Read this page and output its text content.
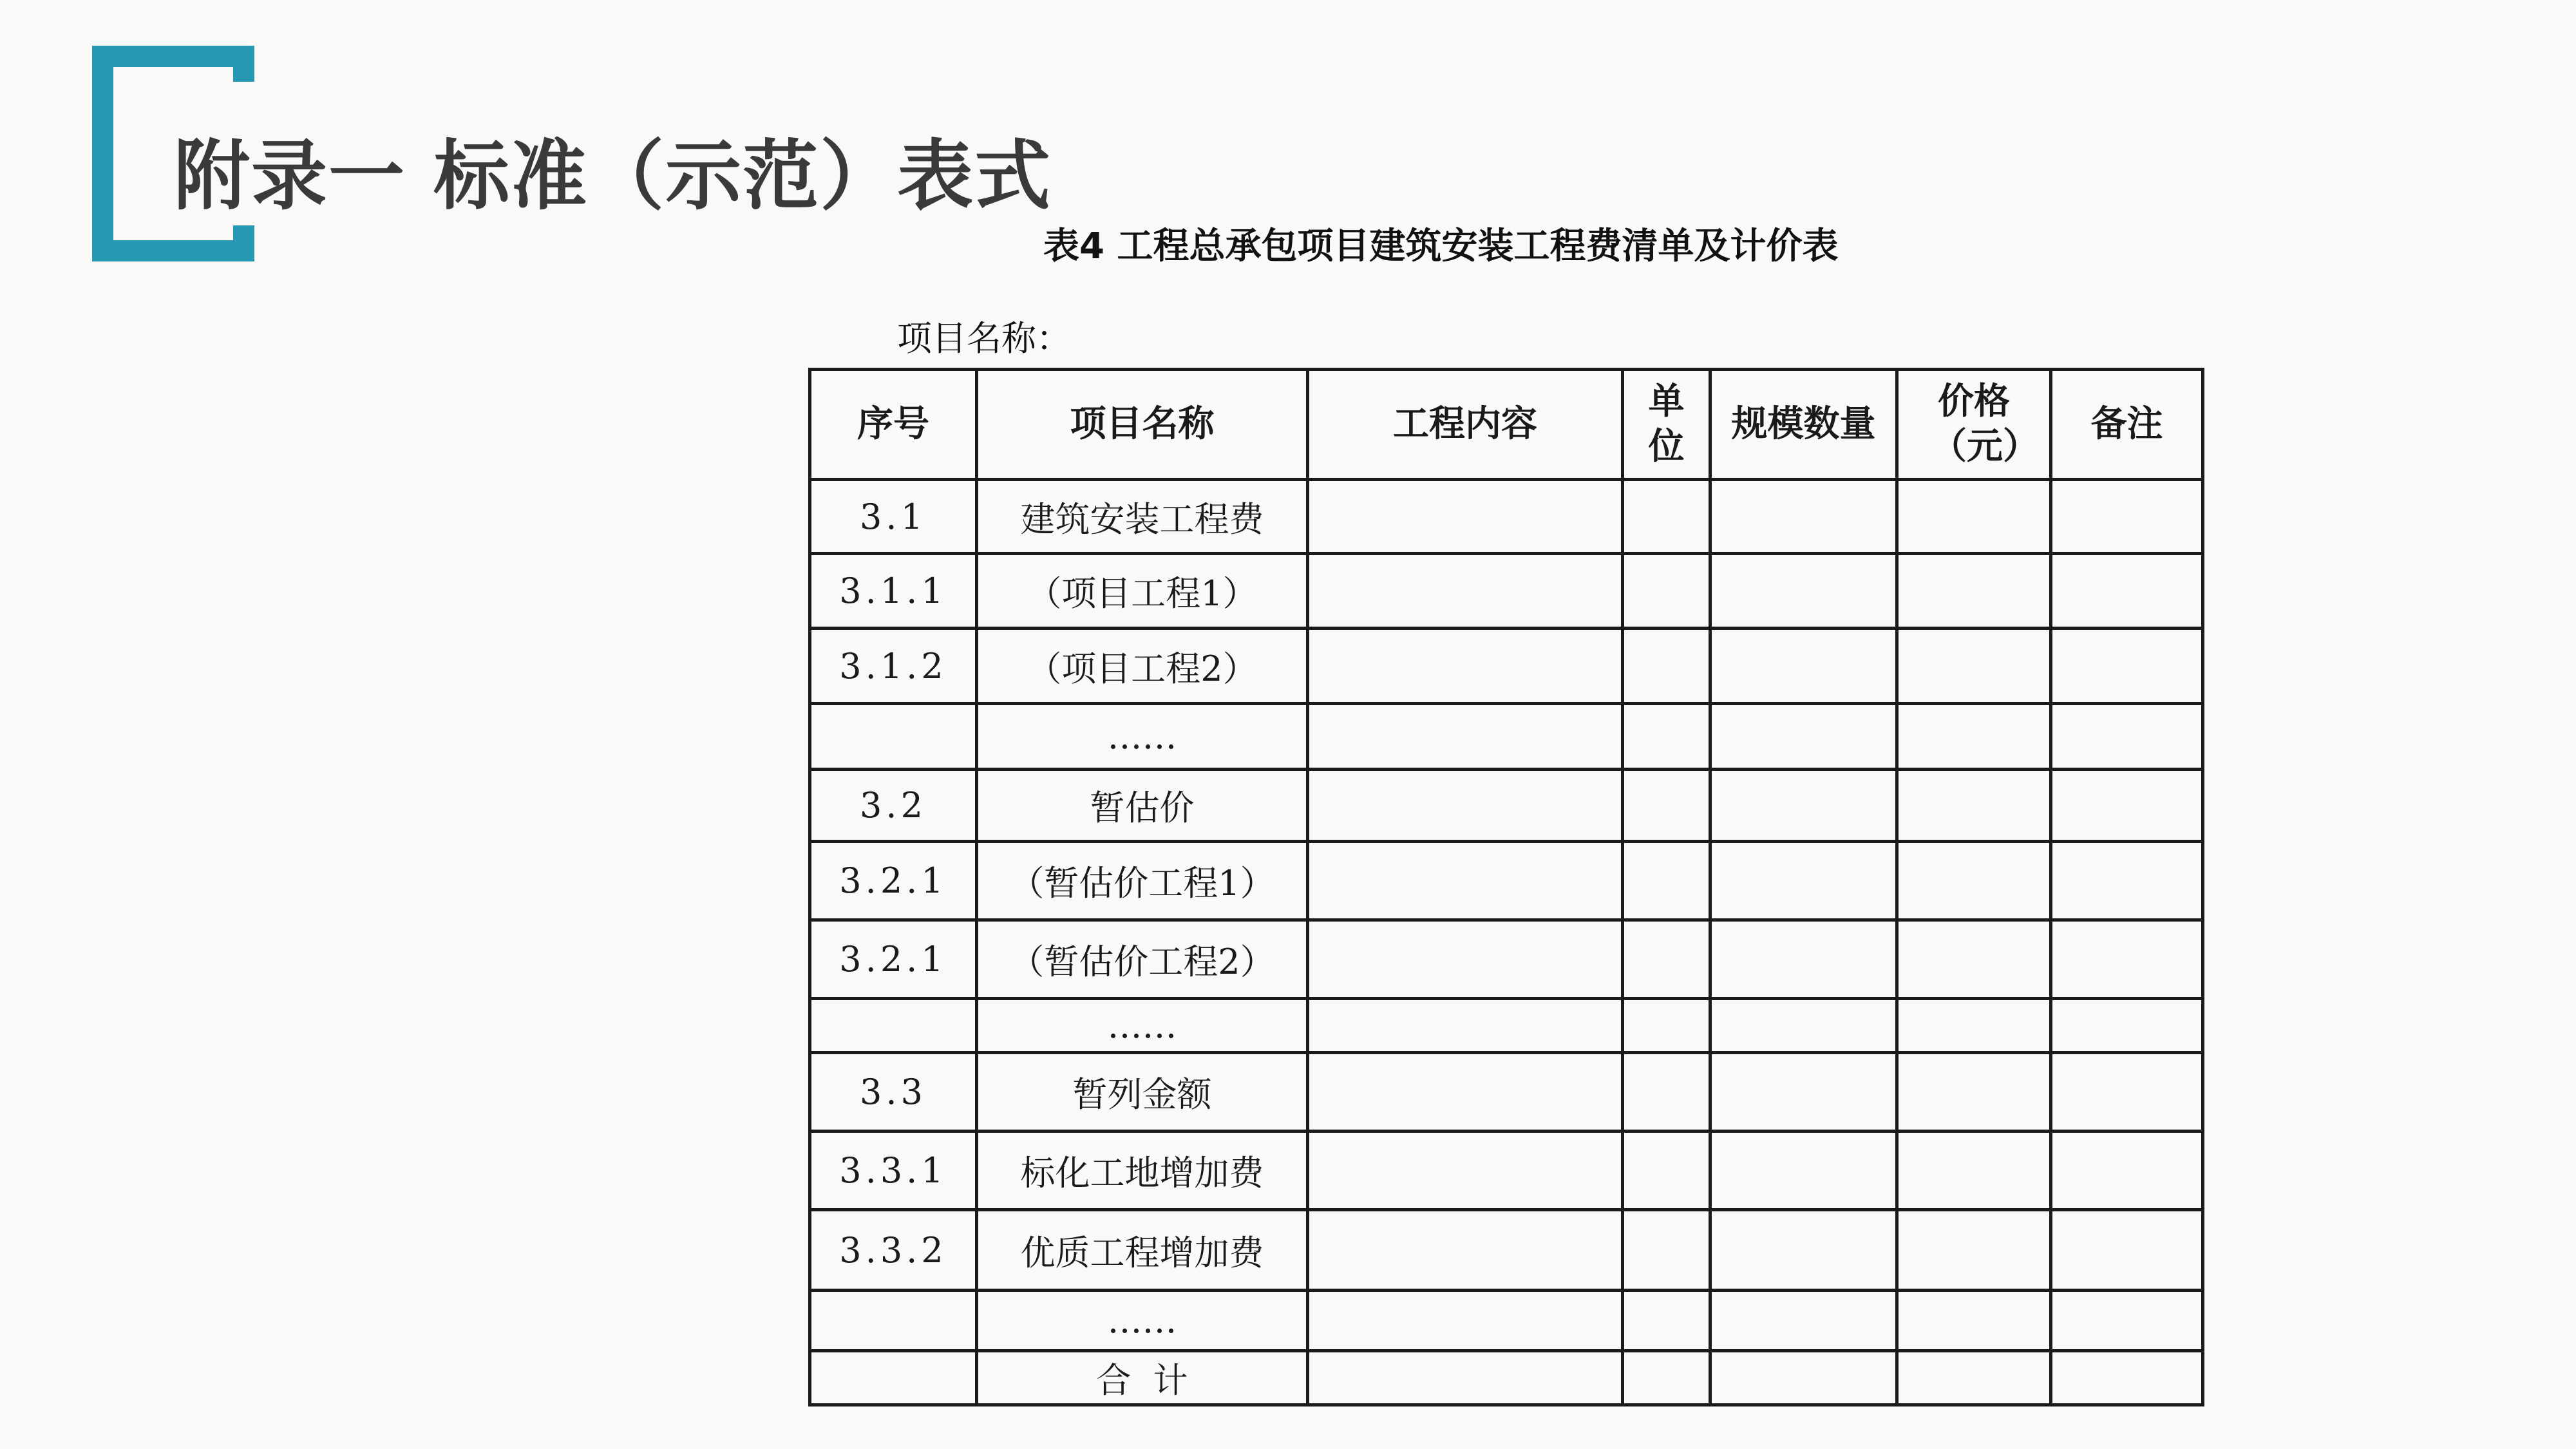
附录一 标准（示范）表式
表4 工程总承包项目建筑安装工程费清单及计价表
项目名称：
序号	项目名称	工程内容	单位	规模数量	价格（元）	备注
3.1	建筑安装工程费					
3.1.1	（项目工程1）					
3.1.2	（项目工程2）					
	……					
3.2	暂估价					
3.2.1	（暂估价工程1）					
3.2.1	（暂估价工程2）					
	……					
3.3	暂列金额					
3.3.1	标化工地增加费					
3.3.2	优质工程增加费					
	……					
	合  计					
